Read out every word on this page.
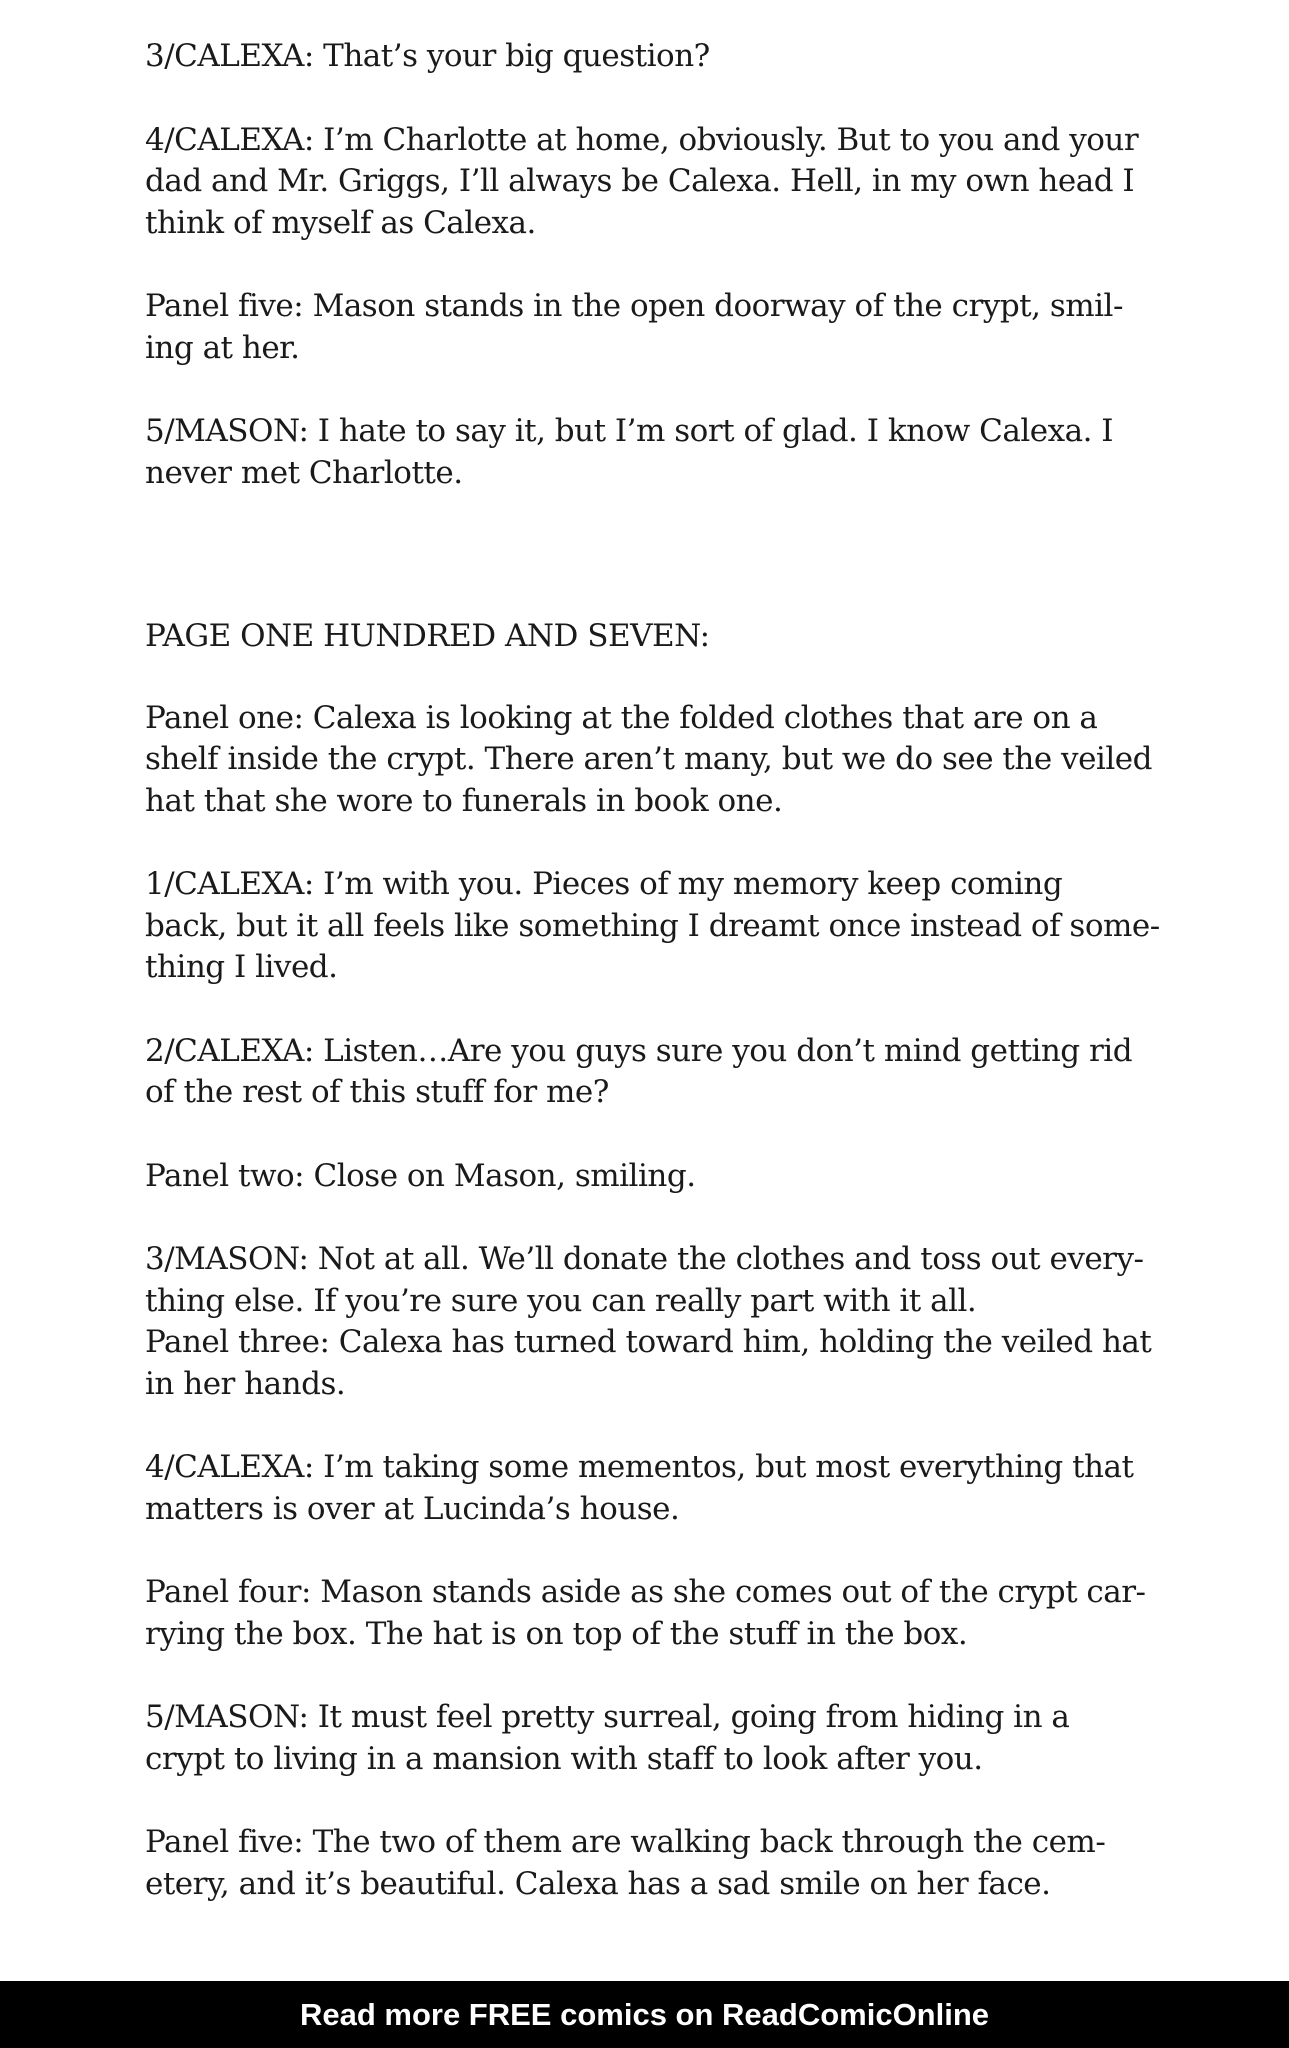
3/CALEXA: That’s your big question?

4/CALEXA: I’m Charlotte at home, obviously. But to you and your
dad and Mr. Griggs, I’ll always be Calexa. Hell, in my own head I
think of myself as Calexa.

Panel five: Mason stands in the open doorway of the crypt, smil-
ing at her.

5/MASON: I hate to say it, but I’m sort of glad. I know Calexa. I
never met Charlotte.

PAGE ONE HUNDRED AND SEVEN:

Panel one: Calexa is looking at the folded clothes that are on a
shelf inside the crypt. There aren’t many, but we do see the veiled
hat that she wore to funerals in book one.

1/CALEXA: I’m with you. Pieces of my memory keep coming
back, but it all feels like something I dreamt once instead of some-
thing I lived.

2/CALEXA: Listen…Are you guys sure you don’t mind getting rid
of the rest of this stuff for me?

Panel two: Close on Mason, smiling.

3/MASON: Not at all. We’ll donate the clothes and toss out every-
thing else. If you’re sure you can really part with it all.

Panel three: Calexa has turned toward him, holding the veiled hat
in her hands.

4/CALEXA: I’m taking some mementos, but most everything that
matters is over at Lucinda’s house.

Panel four: Mason stands aside as she comes out of the crypt car-
rying the box. The hat is on top of the stuff in the box.

5/MASON: It must feel pretty surreal, going from hiding in a
crypt to living in a mansion with staff to look after you.

Panel five: The two of them are walking back through the cem-
etery, and it’s beautiful. Calexa has a sad smile on her face.

Read more FREE comics on ReadComicOnline
